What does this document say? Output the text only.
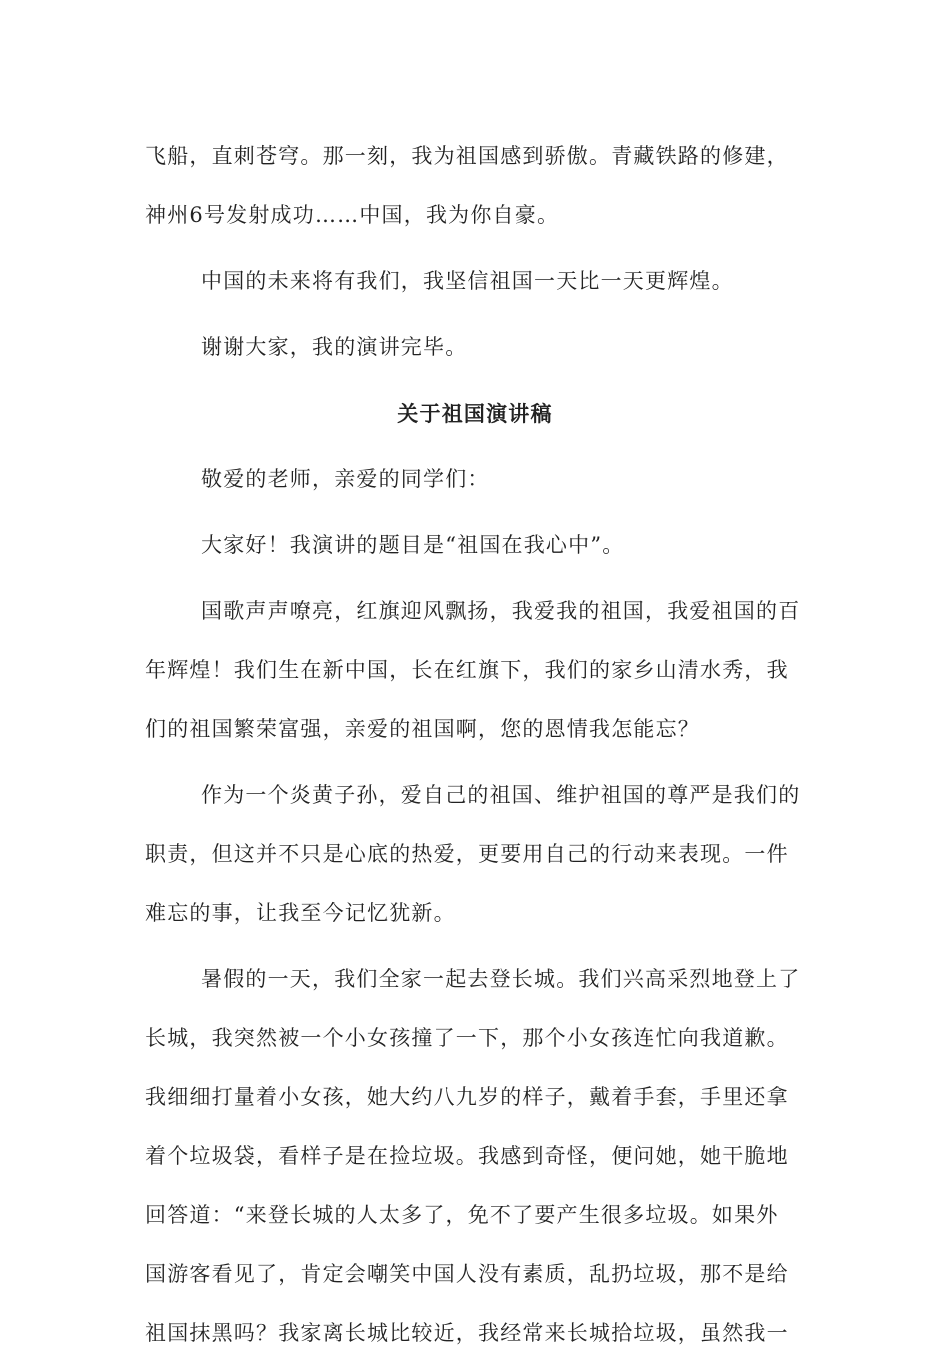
飞船，直刺苍穹。那一刻，我为祖国感到骄傲。青藏铁路的修建，
神州6号发射成功……中国，我为你自豪。
中国的未来将有我们，我坚信祖国一天比一天更辉煌。
谢谢大家，我的演讲完毕。
关于祖国演讲稿
敬爱的老师，亲爱的同学们：
大家好！我演讲的题目是“祖国在我心中”。
国歌声声嘹亮，红旗迎风飘扬，我爱我的祖国，我爱祖国的百
年辉煌！我们生在新中国，长在红旗下，我们的家乡山清水秀，我
们的祖国繁荣富强，亲爱的祖国啊，您的恩情我怎能忘？
作为一个炎黄子孙，爱自己的祖国、维护祖国的尊严是我们的
职责，但这并不只是心底的热爱，更要用自己的行动来表现。一件
难忘的事，让我至今记忆犹新。
暑假的一天，我们全家一起去登长城。我们兴高采烈地登上了
长城，我突然被一个小女孩撞了一下，那个小女孩连忙向我道歉。
我细细打量着小女孩，她大约八九岁的样子，戴着手套，手里还拿
着个垃圾袋，看样子是在捡垃圾。我感到奇怪，便问她，她干脆地
回答道：“来登长城的人太多了，免不了要产生很多垃圾。如果外
国游客看见了，肯定会嘲笑中国人没有素质，乱扔垃圾，那不是给
祖国抹黑吗？我家离长城比较近，我经常来长城拾垃圾，虽然我一
